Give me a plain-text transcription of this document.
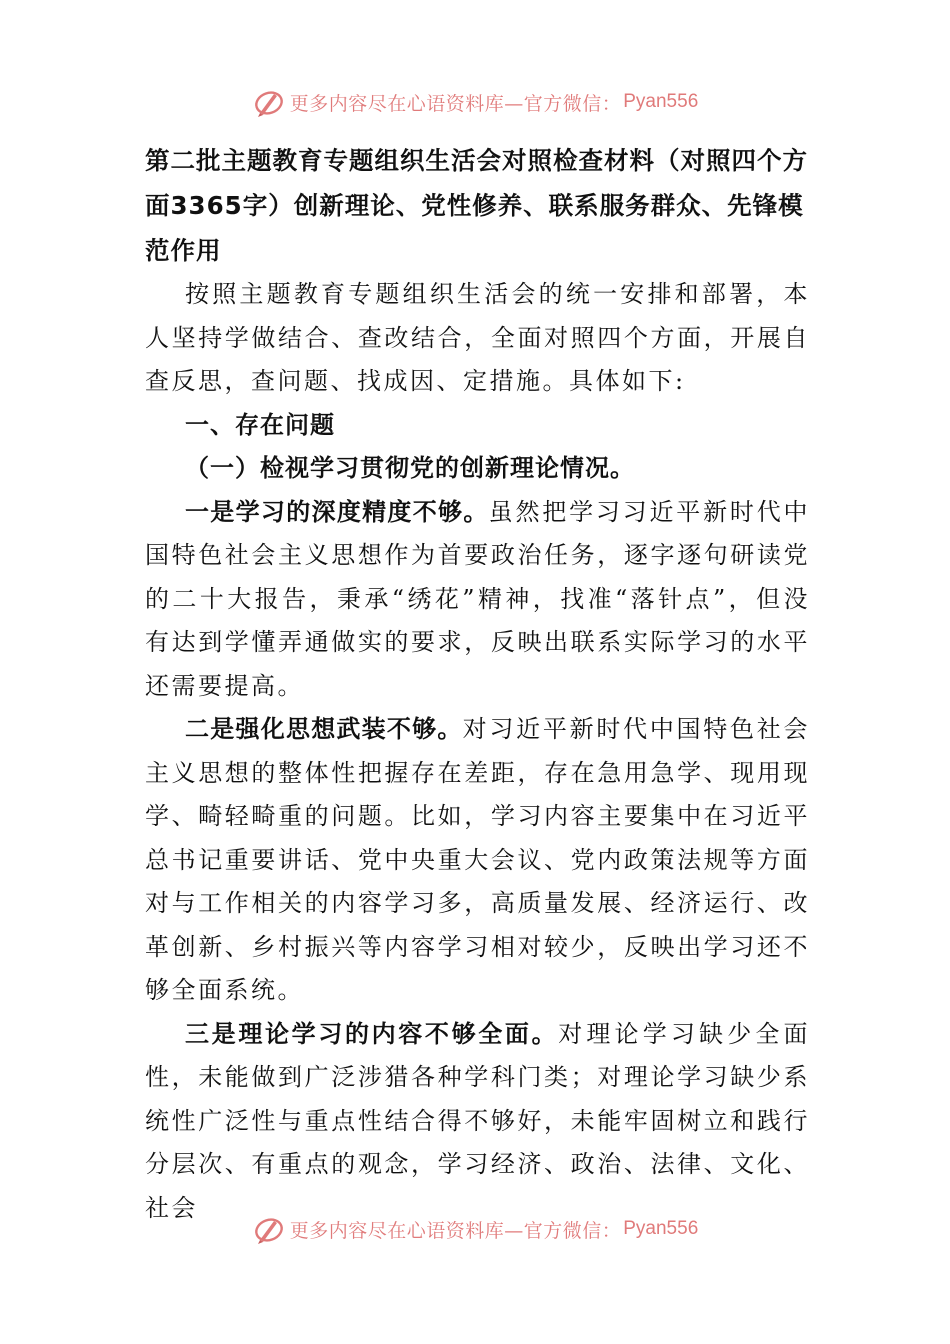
更多内容尽在心语资料库—官方微信： Pyan556

第二批主题教育专题组织生活会对照检查材料（对照四个方面3365字）创新理论、党性修养、联系服务群众、先锋模范作用

按照主题教育专题组织生活会的统一安排和部署，本人坚持学做结合、查改结合，全面对照四个方面，开展自查反思，查问题、找成因、定措施。具体如下:

一、存在问题

（一）检视学习贯彻党的创新理论情况。

一是学习的深度精度不够。虽然把学习习近平新时代中国特色社会主义思想作为首要政治任务，逐字逐句研读党的二十大报告，秉承“绣花”精神，找准“落针点”，但没有达到学懂弄通做实的要求，反映出联系实际学习的水平还需要提高。

二是强化思想武装不够。对习近平新时代中国特色社会主义思想的整体性把握存在差距，存在急用急学、现用现学、畸轻畸重的问题。比如，学习内容主要集中在习近平总书记重要讲话、党中央重大会议、党内政策法规等方面对与工作相关的内容学习多，高质量发展、经济运行、改革创新、乡村振兴等内容学习相对较少，反映出学习还不够全面系统。

三是理论学习的内容不够全面。对理论学习缺少全面性，未能做到广泛涉猎各种学科门类；对理论学习缺少系统性广泛性与重点性结合得不够好，未能牢固树立和践行分层次、有重点的观念，学习经济、政治、法律、文化、社会

更多内容尽在心语资料库—官方微信： Pyan556
